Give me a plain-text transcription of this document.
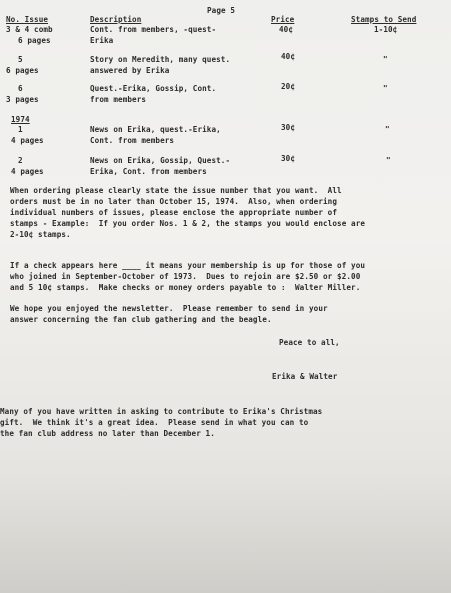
Page 5
No. Issue	Description	Price	Stamps to Send
3 & 4 comb	Cont. from members, -quest-	40¢	1-10¢
6 pages	Erika
5	Story on Meredith, many quest.	40¢	"
6 pages	answered by Erika
6	Quest.-Erika, Gossip, Cont.	20¢	"
3 pages	from members
1974
1	News on Erika, quest.-Erika,	30¢	"
4 pages	Cont. from members
2	News on Erika, Gossip, Quest.-	30¢	"
4 pages	Erika, Cont. from members
When ordering please clearly state the issue number that you want.  All
orders must be in no later than October 15, 1974.  Also, when ordering
individual numbers of issues, please enclose the appropriate number of
stamps - Example:  If you order Nos. 1 & 2, the stamps you would enclose are
2-10¢ stamps.
If a check appears here ____ it means your membership is up for those of you
who joined in September-October of 1973.  Dues to rejoin are $2.50 or $2.00
and 5 10¢ stamps.  Make checks or money orders payable to :  Walter Miller.
We hope you enjoyed the newsletter.  Please remember to send in your
answer concerning the fan club gathering and the beagle.
Peace to all,
Erika & Walter
Many of you have written in asking to contribute to Erika's Christmas
gift.  We think it's a great idea.  Please send in what you can to
the fan club address no later than December 1.
